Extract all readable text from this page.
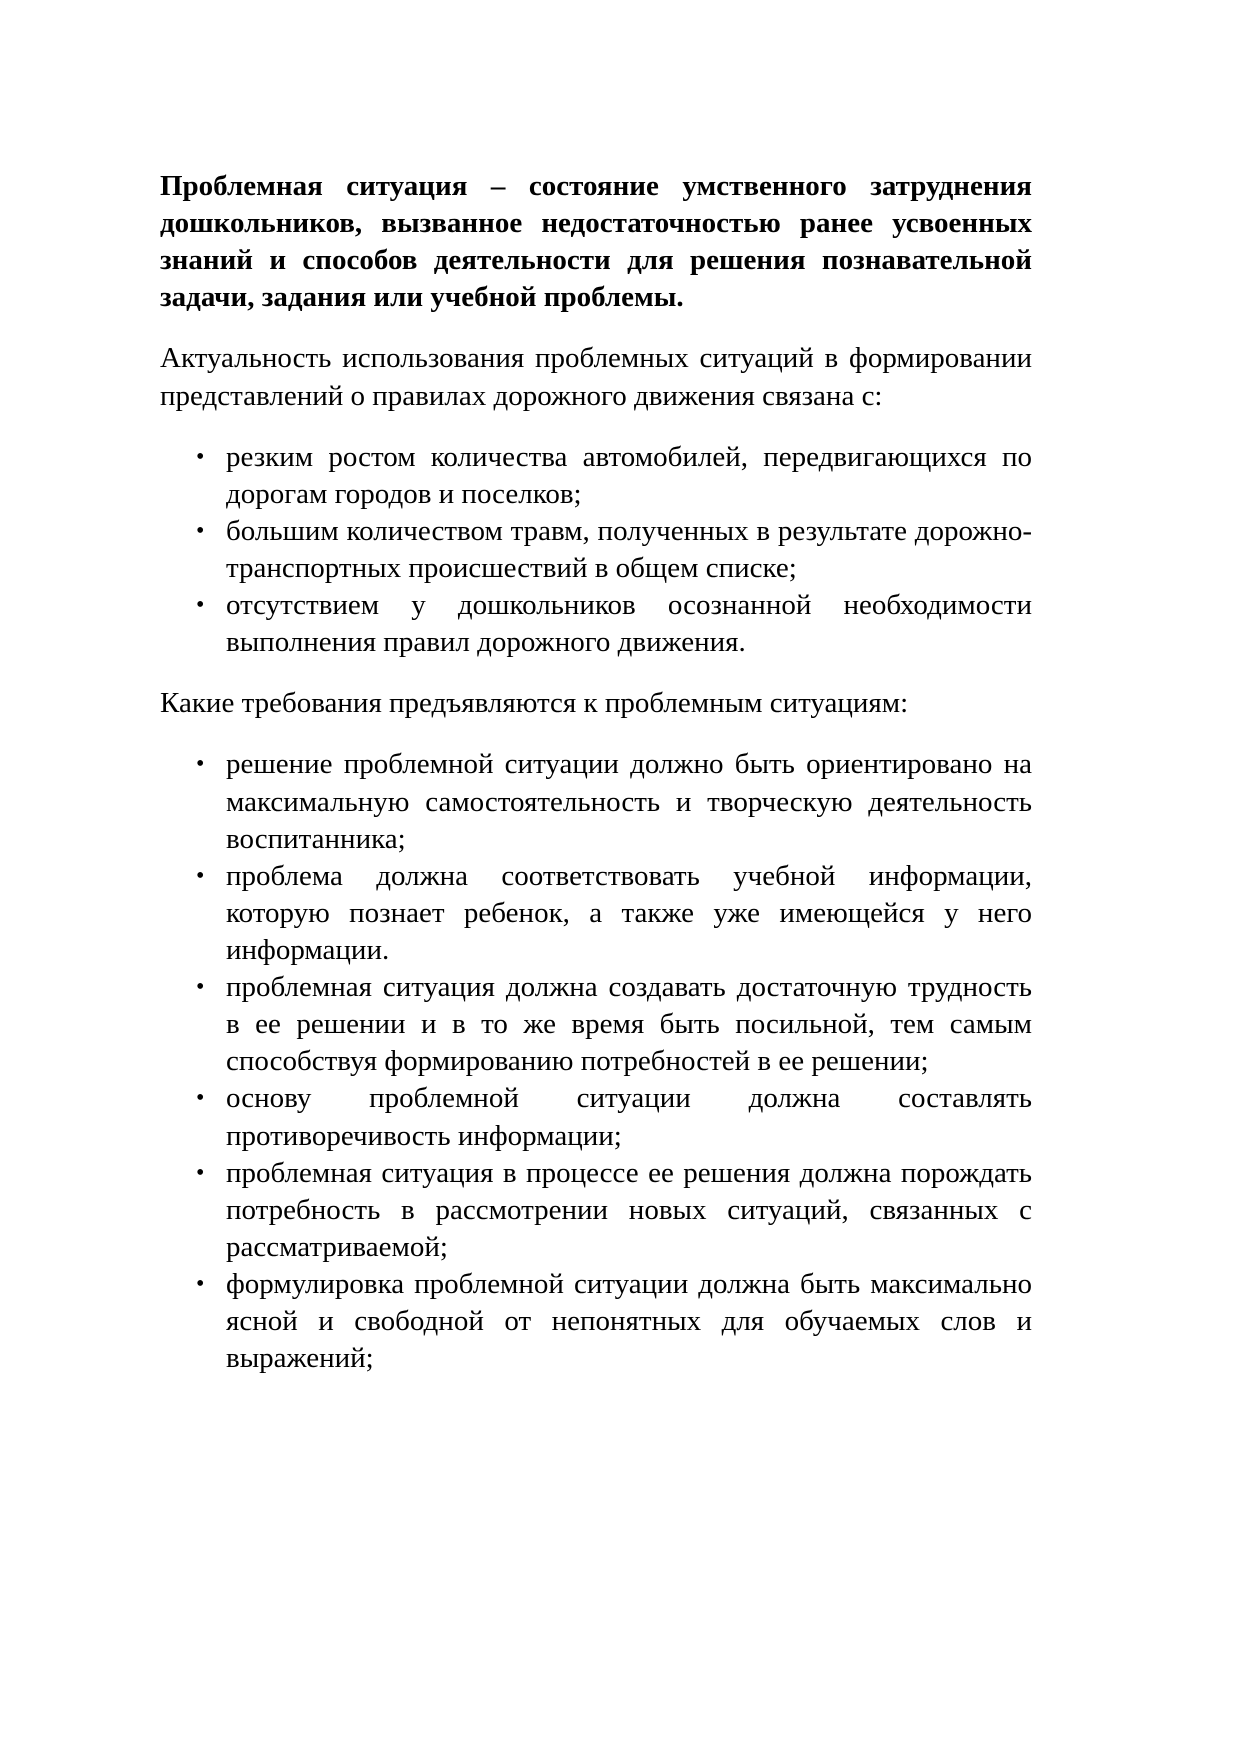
Проблемная ситуация – состояние умственного затруднения дошкольников, вызванное недостаточностью ранее усвоенных знаний и способов деятельности для решения познавательной задачи, задания или учебной проблемы.

Актуальность использования проблемных ситуаций в формировании представлений о правилах дорожного движения связана с:

• резким ростом количества автомобилей, передвигающихся по дорогам городов и поселков;
• большим количеством травм, полученных в результате дорожно-транспортных происшествий в общем списке;
• отсутствием у дошкольников осознанной необходимости выполнения правил дорожного движения.

Какие требования предъявляются к проблемным ситуациям:

• решение проблемной ситуации должно быть ориентировано на максимальную самостоятельность и творческую деятельность воспитанника;
• проблема должна соответствовать учебной информации, которую познает ребенок, а также уже имеющейся у него информации.
• проблемная ситуация должна создавать достаточную трудность в ее решении и в то же время быть посильной, тем самым способствуя формированию потребностей в ее решении;
• основу проблемной ситуации должна составлять противоречивость информации;
• проблемная ситуация в процессе ее решения должна порождать потребность в рассмотрении новых ситуаций, связанных с рассматриваемой;
• формулировка проблемной ситуации должна быть максимально ясной и свободной от непонятных для обучаемых слов и выражений;
